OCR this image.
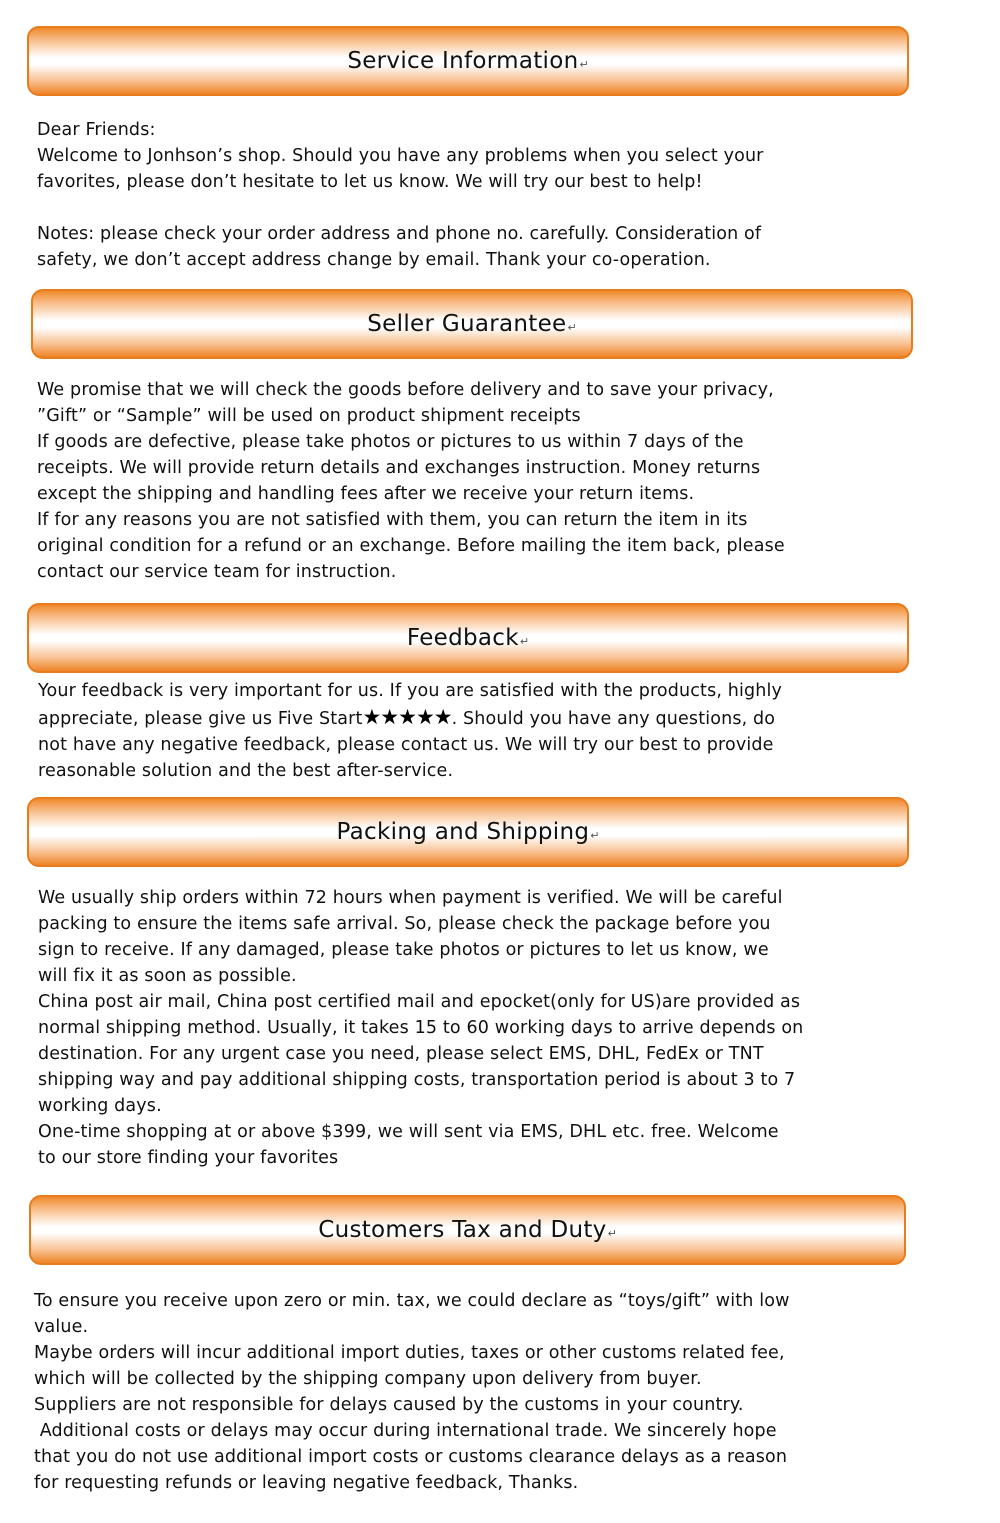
Service Information ↵

Dear Friends:

Welcome to Jonhson’s shop. Should you have any problems when you select your

favorites, please don’t hesitate to let us know. We will try our best to help!

Notes: please check your order address and phone no. carefully. Consideration of

safety, we don’t accept address change by email. Thank your co-operation.

Seller Guarantee ↵

We promise that we will check the goods before delivery and to save your privacy,

”Gift” or “Sample” will be used on product shipment receipts

If goods are defective, please take photos or pictures to us within 7 days of the

receipts. We will provide return details and exchanges instruction. Money returns

except the shipping and handling fees after we receive your return items.

If for any reasons you are not satisfied with them, you can return the item in its

original condition for a refund or an exchange. Before mailing the item back, please

contact our service team for instruction.

Feedback ↵

Your feedback is very important for us. If you are satisfied with the products, highly

appreciate, please give us Five Start★★★★★. Should you have any questions, do

not have any negative feedback, please contact us. We will try our best to provide

reasonable solution and the best after-service.

Packing and Shipping ↵

We usually ship orders within 72 hours when payment is verified. We will be careful

packing to ensure the items safe arrival. So, please check the package before you

sign to receive. If any damaged, please take photos or pictures to let us know, we

will fix it as soon as possible.

China post air mail, China post certified mail and epocket(only for US)are provided as

normal shipping method. Usually, it takes 15 to 60 working days to arrive depends on

destination. For any urgent case you need, please select EMS, DHL, FedEx or TNT

shipping way and pay additional shipping costs, transportation period is about 3 to 7

working days.

One-time shopping at or above $399, we will sent via EMS, DHL etc. free. Welcome

to our store finding your favorites

Customers Tax and Duty ↵

To ensure you receive upon zero or min. tax, we could declare as “toys/gift” with low

value.

Maybe orders will incur additional import duties, taxes or other customs related fee,

which will be collected by the shipping company upon delivery from buyer.

Suppliers are not responsible for delays caused by the customs in your country.

Additional costs or delays may occur during international trade. We sincerely hope

that you do not use additional import costs or customs clearance delays as a reason

for requesting refunds or leaving negative feedback, Thanks.
